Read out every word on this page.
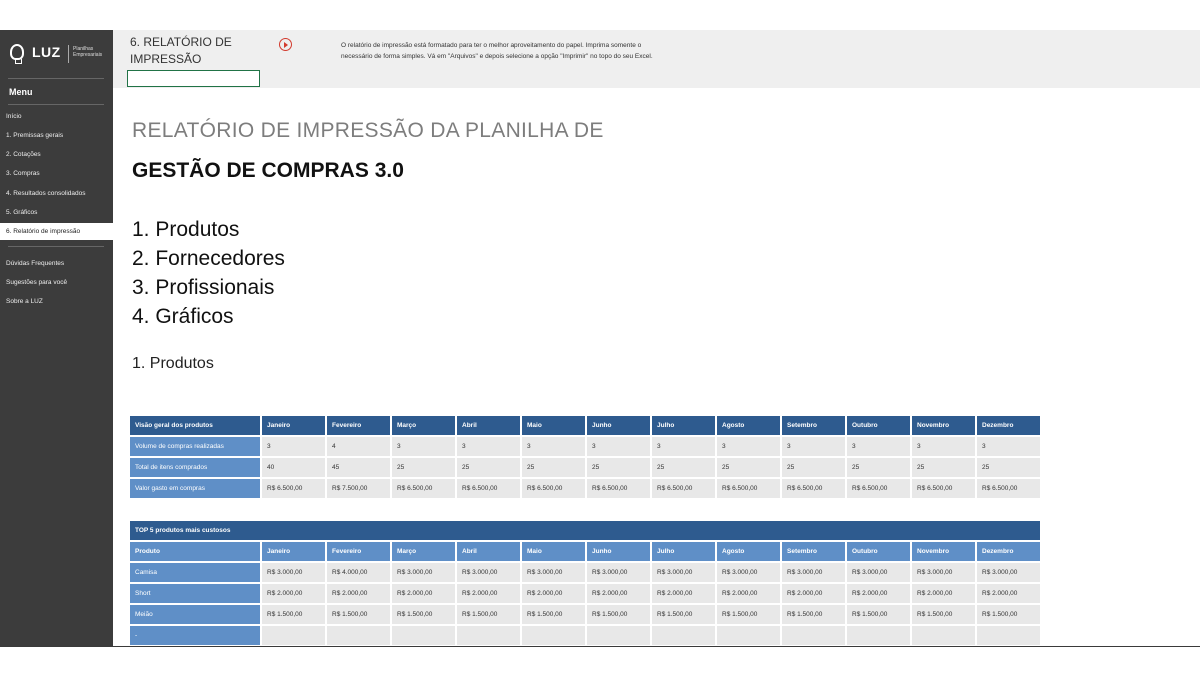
LUZ Planilhas Empresariais
Menu
Início
1. Premissas gerais
2. Cotações
3. Compras
4. Resultados consolidados
5. Gráficos
6. Relatório de impressão
Dúvidas Frequentes
Sugestões para você
Sobre a LUZ
6. RELATÓRIO DE
IMPRESSÃO
O relatório de impressão está formatado para ter o melhor aproveitamento do papel. Imprima somente o
necessário de forma simples. Vá em "Arquivos" e depois selecione a opção "Imprimir" no topo do seu Excel.
RELATÓRIO DE IMPRESSÃO DA PLANILHA DE
GESTÃO DE COMPRAS 3.0
1. Produtos
2. Fornecedores
3. Profissionais
4. Gráficos
1. Produtos
Visão geral dos produtos	Janeiro	Fevereiro	Março	Abril	Maio	Junho	Julho	Agosto	Setembro	Outubro	Novembro	Dezembro
Volume de compras realizadas	3	4	3	3	3	3	3	3	3	3	3	3
Total de itens comprados	40	45	25	25	25	25	25	25	25	25	25	25
Valor gasto em compras	R$ 6.500,00	R$ 7.500,00	R$ 6.500,00	R$ 6.500,00	R$ 6.500,00	R$ 6.500,00	R$ 6.500,00	R$ 6.500,00	R$ 6.500,00	R$ 6.500,00	R$ 6.500,00	R$ 6.500,00
TOP 5 produtos mais custosos												
Produto	Janeiro	Fevereiro	Março	Abril	Maio	Junho	Julho	Agosto	Setembro	Outubro	Novembro	Dezembro
Camisa	R$ 3.000,00	R$ 4.000,00	R$ 3.000,00	R$ 3.000,00	R$ 3.000,00	R$ 3.000,00	R$ 3.000,00	R$ 3.000,00	R$ 3.000,00	R$ 3.000,00	R$ 3.000,00	R$ 3.000,00
Short	R$ 2.000,00	R$ 2.000,00	R$ 2.000,00	R$ 2.000,00	R$ 2.000,00	R$ 2.000,00	R$ 2.000,00	R$ 2.000,00	R$ 2.000,00	R$ 2.000,00	R$ 2.000,00	R$ 2.000,00
Meião	R$ 1.500,00	R$ 1.500,00	R$ 1.500,00	R$ 1.500,00	R$ 1.500,00	R$ 1.500,00	R$ 1.500,00	R$ 1.500,00	R$ 1.500,00	R$ 1.500,00	R$ 1.500,00	R$ 1.500,00
-												
